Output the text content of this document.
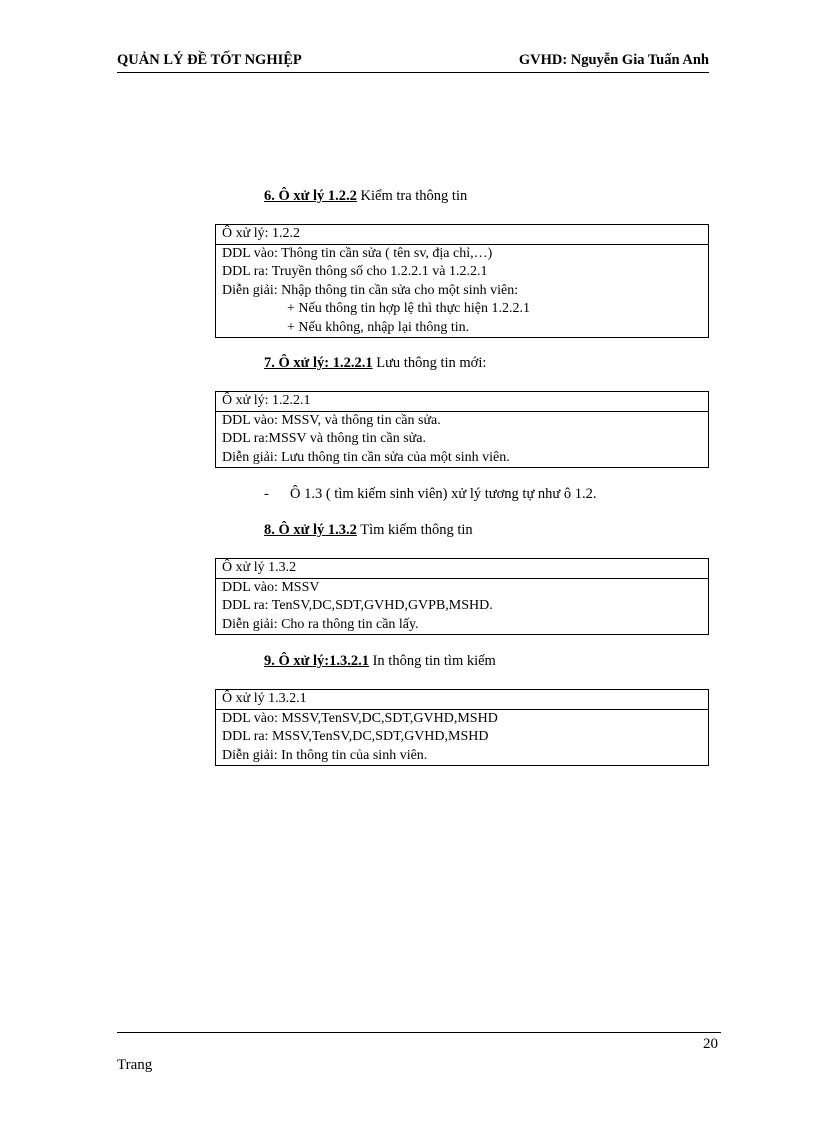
QUẢN LÝ ĐỀ TỐT NGHIỆP	GVHD: Nguyễn Gia Tuấn Anh
6. Ô xử lý 1.2.2 Kiểm tra thông tin
Ô xử lý: 1.2.2

DDL vào: Thông tin cần sửa ( tên sv, địa chỉ,…)
DDL ra: Truyền thông số cho 1.2.2.1 và 1.2.2.1
Diễn giải: Nhập thông tin cần sửa cho một sinh viên:
+ Nếu thông tin hợp lệ thì thực hiện 1.2.2.1
+ Nếu không, nhập lại thông tin.
7. Ô xử lý: 1.2.2.1 Lưu thông tin mới:
Ô xử lý: 1.2.2.1

DDL vào: MSSV, và thông tin cần sửa.
DDL ra:MSSV và thông tin cần sửa.
Diễn giải: Lưu thông tin cần sửa của một sinh viên.
- Ô 1.3 ( tìm kiếm sinh viên) xử lý tương tự như ô 1.2.
8. Ô xử lý 1.3.2 Tìm kiếm thông tin
Ô xử lý 1.3.2

DDL vào: MSSV
DDL ra: TenSV,DC,SDT,GVHD,GVPB,MSHD.
Diễn giải: Cho ra thông tin cần lấy.
9. Ô xử lý:1.3.2.1 In thông tin tìm kiếm
Ô xử lý 1.3.2.1

DDL vào: MSSV,TenSV,DC,SDT,GVHD,MSHD
DDL ra: MSSV,TenSV,DC,SDT,GVHD,MSHD
Diễn giải: In thông tin của sinh viên.
20
Trang
